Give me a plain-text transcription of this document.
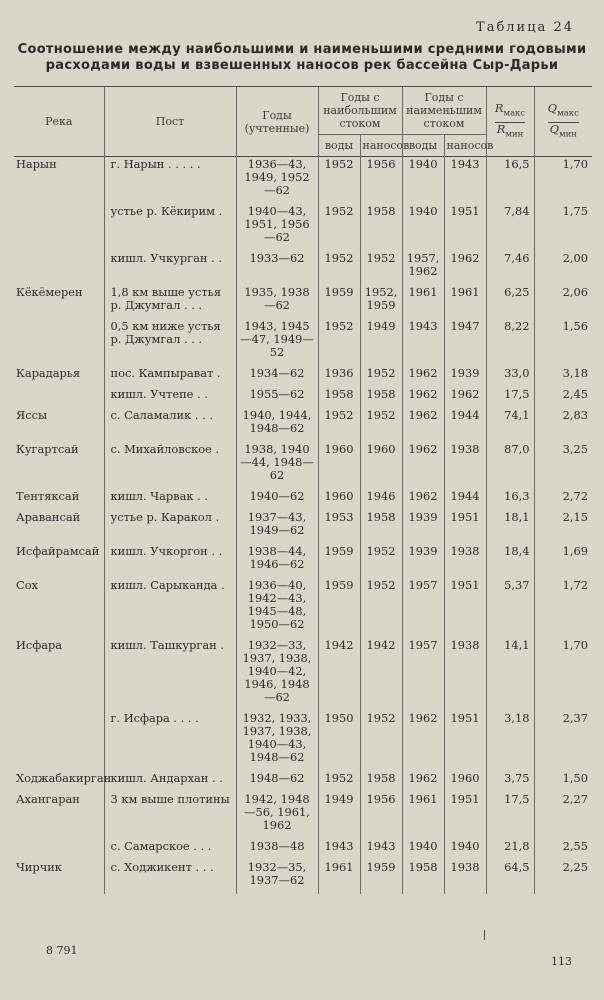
Таблица 24
Соотношение между наибольшими и наименьшими средними годовыми
расходами воды и взвешенных наносов рек бассейна Сыр-Дарьи
Река	Пост	Годы (учтенные)	Годы с наибольшим стоком		Годы с наименьшим стоком		$\frac{R_{макс}}{R_{мин}}$	$\frac{Q_{макс}}{Q_{мин}}$

			воды	наносов	воды	наносов		
Нарын	г. Нарын . . . . .	1936—43, 1949, 1952—62	1952	1956	1940	1943	16,5	1,70
	устье р. Кёкирим .	1940—43, 1951, 1956—62	1952	1958	1940	1951	7,84	1,75
	кишл. Учкурган . .	1933—62	1952	1952	1957, 1962	1962	7,46	2,00
Кёкёмерен	1,8 км выше устья р. Джумгал . . .	1935, 1938—62	1959	1952, 1959	1961	1961	6,25	2,06
	0,5 км ниже устья р. Джумгал . . .	1943, 1945—47, 1949—52	1952	1949	1943	1947	8,22	1,56
Карадарья	пос. Кампырават .	1934—62	1936	1952	1962	1939	33,0	3,18
	кишл. Учтепе . .	1955—62	1958	1958	1962	1962	17,5	2,45
Яссы	с. Саламалик . . .	1940, 1944, 1948—62	1952	1952	1962	1944	74,1	2,83
Кугартсай	с. Михайловское .	1938, 1940—44, 1948—62	1960	1960	1962	1938	87,0	3,25
Тентяксай	кишл. Чарвак . .	1940—62	1960	1946	1962	1944	16,3	2,72
Аравансай	устье р. Каракол .	1937—43, 1949—62	1953	1958	1939	1951	18,1	2,15
Исфайрамсай	кишл. Учкоргон . .	1938—44, 1946—62	1959	1952	1939	1938	18,4	1,69
Сох	кишл. Сарыканда .	1936—40, 1942—43, 1945—48, 1950—62	1959	1952	1957	1951	5,37	1,72
Исфара	кишл. Ташкурган .	1932—33, 1937, 1938, 1940—42, 1946, 1948—62	1942	1942	1957	1938	14,1	1,70
	г. Исфара . . . .	1932, 1933, 1937, 1938, 1940—43, 1948—62	1950	1952	1962	1951	3,18	2,37
Ходжабакирган	кишл. Андархан . .	1948—62	1952	1958	1962	1960	3,75	1,50
Ахангаран	3 км выше плотины	1942, 1948—56, 1961, 1962	1949	1956	1961	1951	17,5	2,27
	с. Самарское . . .	1938—48	1943	1943	1940	1940	21,8	2,55
Чирчик	с. Ходжикент . . .	1932—35, 1937—62	1961	1959	1958	1938	64,5	2,25
8 791
113
